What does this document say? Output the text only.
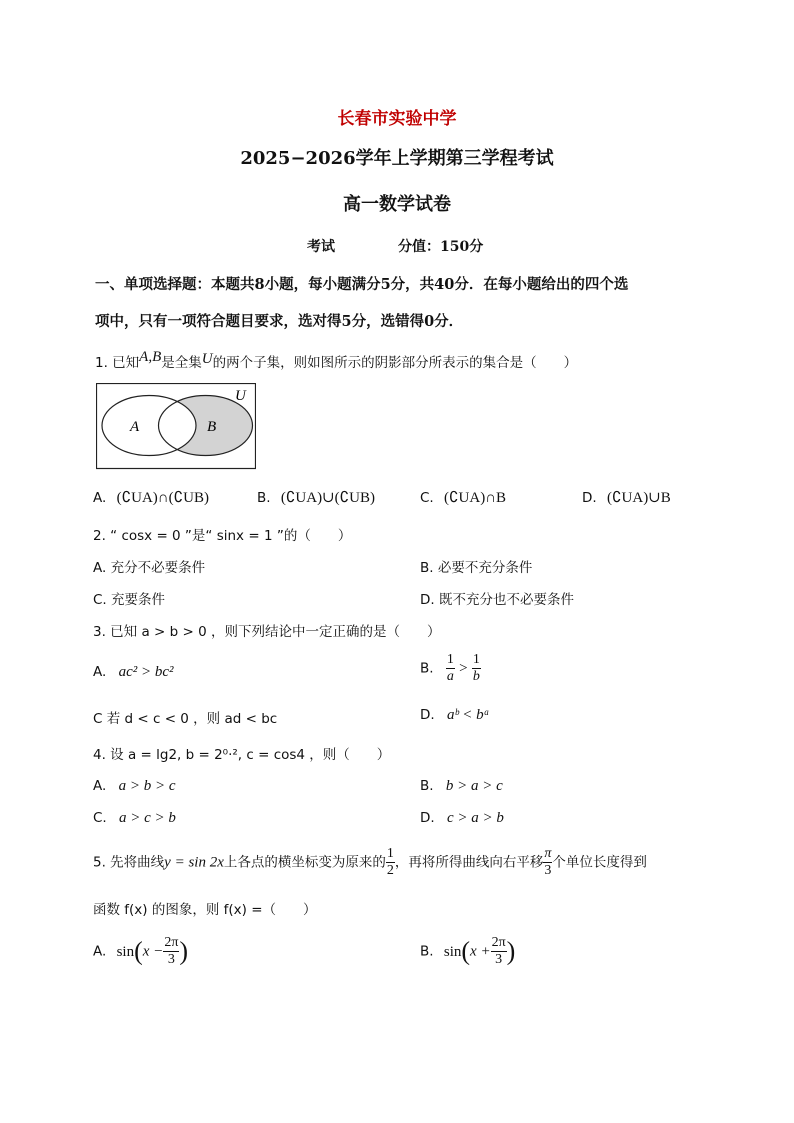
长春市实验中学
2025−2026学年上学期第三学程考试
高一数学试卷
考试	分值：150分
一、单项选择题：本题共8小题，每小题满分5分，共40分．在每小题给出的四个选
项中，只有一项符合题目要求，选对得5分，选错得0分．
1. 已知A,B是全集U的两个子集，则如图所示的阴影部分所表示的集合是（　　）
A	B
U
A. (∁UA)∩(∁UB)	B. (∁UA)∪(∁UB)	C. (∁UA)∩B	D. (∁UA)∪B
2. “ cosx = 0 ”是“ sinx = 1 ”的（　　）
A. 充分不必要条件	B. 必要不充分条件
C. 充要条件	D. 既不充分也不必要条件
3. 已知 a > b > 0 ，则下列结论中一定正确的是（　　）
A. ac² > bc²	B. $\frac{1}{a} > \frac{1}{b}$
C 若 d < c < 0 ，则 ad < bc	D. aᵇ < bᵃ
4. 设 a = lg2, b = 2⁰·², c = cos4 ，则（　　）
A. a > b > c	B. b > a > c
C. a > c > b	D. c > a > b
5. 先将曲线y = sin 2x上各点的横坐标变为原来的 $\frac{1}{2}$ ，再将所得曲线向右平移 $\frac{\pi}{3}$ 个单位长度得到
函数 f(x) 的图象，则 f(x) =（　　）
A. $\sin(x - \frac{2\pi}{3}$ )	B. $\sin(x + \frac{2\pi}{3}$ )
